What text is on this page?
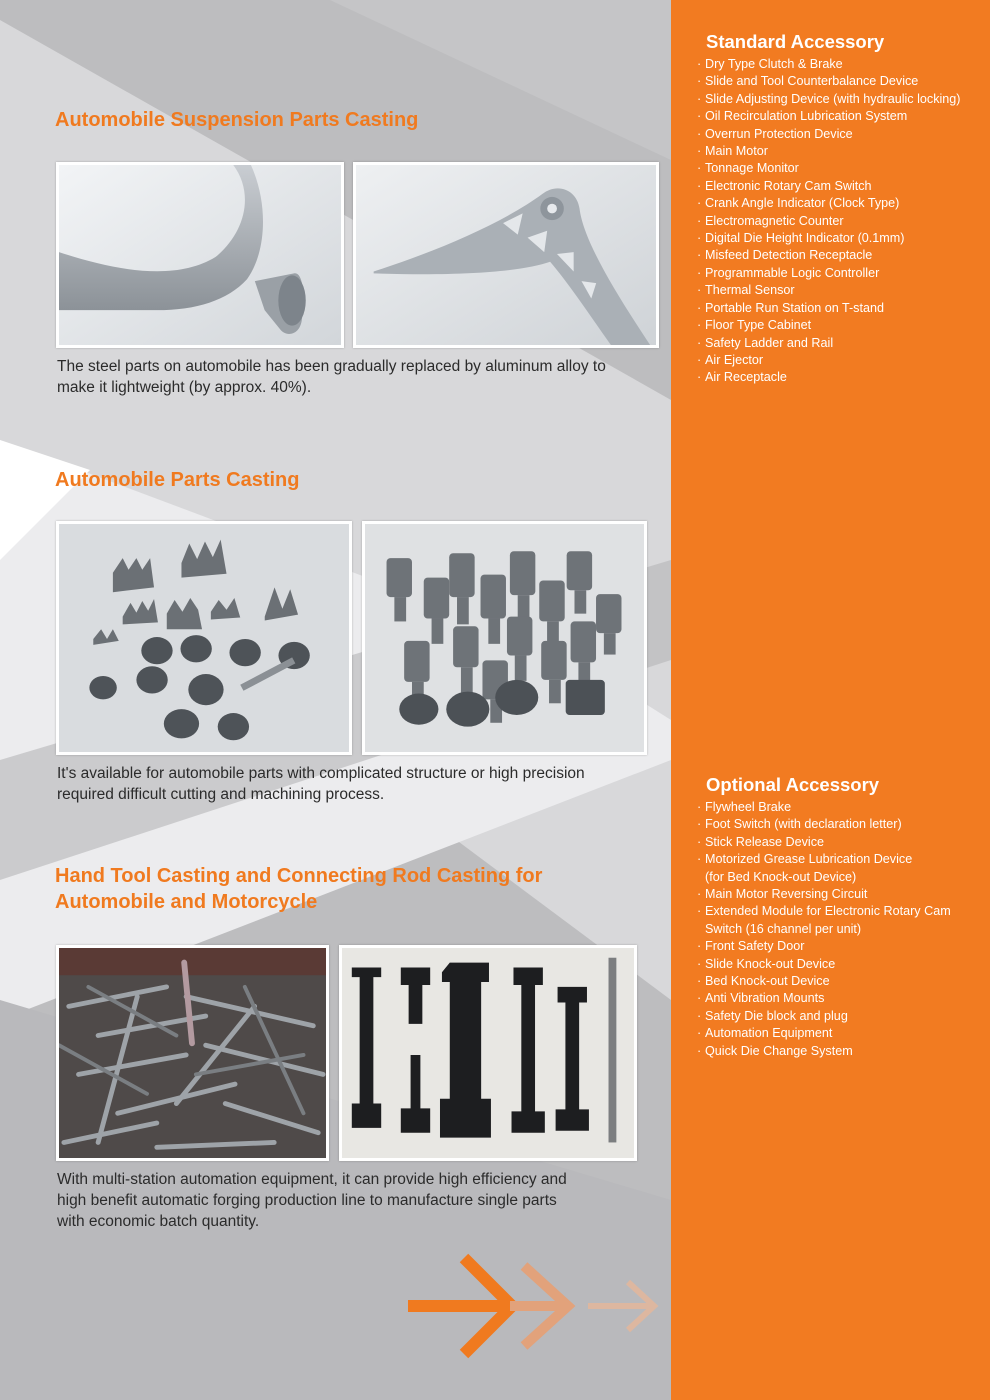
Automobile Suspension Parts Casting

The steel parts on automobile has been gradually replaced by aluminum alloy to
make it lightweight (by approx. 40%).

Automobile Parts Casting

It's available for automobile parts with complicated structure or high precision
required difficult cutting and machining process.

Hand Tool Casting and Connecting Rod Casting for
Automobile and Motorcycle

With multi-station automation equipment, it can provide high efficiency and
high benefit automatic forging production line to manufacture single parts
with economic batch quantity.

Standard Accessory
· Dry Type Clutch & Brake
· Slide and Tool Counterbalance Device
· Slide Adjusting Device (with hydraulic locking)
· Oil Recirculation Lubrication System
· Overrun Protection Device
· Main Motor
· Tonnage Monitor
· Electronic Rotary Cam Switch
· Crank Angle Indicator (Clock Type)
· Electromagnetic Counter
· Digital Die Height Indicator (0.1mm)
· Misfeed Detection Receptacle
· Programmable Logic Controller
· Thermal Sensor
· Portable Run Station on T-stand
· Floor Type Cabinet
· Safety Ladder and Rail
· Air Ejector
· Air Receptacle
Optional Accessory
· Flywheel Brake
· Foot Switch (with declaration letter)
· Stick Release Device
· Motorized Grease Lubrication Device
(for Bed Knock-out Device)
· Main Motor Reversing Circuit
· Extended Module for Electronic Rotary Cam
Switch (16 channel per unit)
· Front Safety Door
· Slide Knock-out Device
· Bed Knock-out Device
· Anti Vibration Mounts
· Safety Die block and plug
· Automation Equipment
· Quick Die Change System
